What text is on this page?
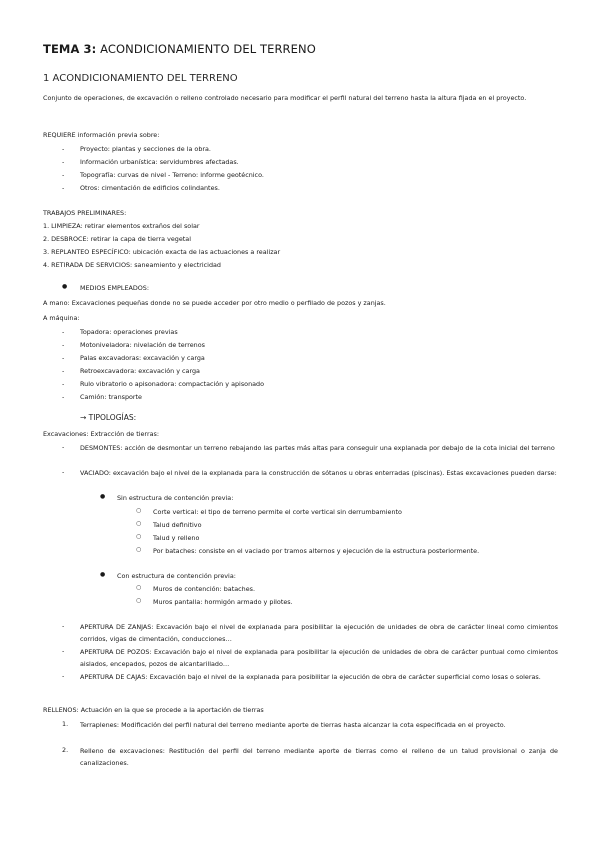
TEMA 3: ACONDICIONAMIENTO DEL TERRENO
1 ACONDICIONAMIENTO DEL TERRENO
Conjunto de operaciones, de excavación o relleno controlado necesario para modificar el perfil natural del terreno hasta la altura fijada en el proyecto.
REQUIERE información previa sobre:
- Proyecto: plantas y secciones de la obra.
- Información urbanística: servidumbres afectadas.
- Topografía: curvas de nivel - Terreno: informe geotécnico.
- Otros: cimentación de edificios colindantes.
TRABAJOS PRELIMINARES:
1. LIMPIEZA: retirar elementos extraños del solar
2. DESBROCE: retirar la capa de tierra vegetal
3. REPLANTEO ESPECÍFICO: ubicación exacta de las actuaciones a realizar
4. RETIRADA DE SERVICIOS: saneamiento y electricidad
● MEDIOS EMPLEADOS:
A mano: Excavaciones pequeñas donde no se puede acceder por otro medio o perfilado de pozos y zanjas.
A máquina:
- Topadora: operaciones previas
- Motoniveladora: nivelación de terrenos
- Palas excavadoras: excavación y carga
- Retroexcavadora: excavación y carga
- Rulo vibratorio o apisonadora: compactación y apisonado
- Camión: transporte
→ TIPOLOGÍAS:
Excavaciones: Extracción de tierras:
- DESMONTES: acción de desmontar un terreno rebajando las partes más altas para conseguir una explanada por debajo de la cota inicial del terreno
- VACIADO: excavación bajo el nivel de la explanada para la construcción de sótanos u obras enterradas (piscinas). Estas excavaciones pueden darse:
● Sin estructura de contención previa:
○ Corte vertical: el tipo de terreno permite el corte vertical sin derrumbamiento
○ Talud definitivo
○ Talud y relleno
○ Por bataches: consiste en el vaciado por tramos alternos y ejecución de la estructura posteriormente.
● Con estructura de contención previa:
○ Muros de contención: bataches.
○ Muros pantalla: hormigón armado y pilotes.
- APERTURA DE ZANJAS: Excavación bajo el nivel de explanada para posibilitar la ejecución de unidades de obra de carácter lineal como cimientos corridos, vigas de cimentación, conducciones…
- APERTURA DE POZOS: Excavación bajo el nivel de explanada para posibilitar la ejecución de unidades de obra de carácter puntual como cimientos aislados, encepados, pozos de alcantarillado…
- APERTURA DE CAJAS: Excavación bajo el nivel de la explanada para posibilitar la ejecución de obra de carácter superficial como losas o soleras.
RELLENOS: Actuación en la que se procede a la aportación de tierras
1. Terraplenes: Modificación del perfil natural del terreno mediante aporte de tierras hasta alcanzar la cota especificada en el proyecto.
2. Relleno de excavaciones: Restitución del perfil del terreno mediante aporte de tierras como el relleno de un talud provisional o zanja de canalizaciones.
